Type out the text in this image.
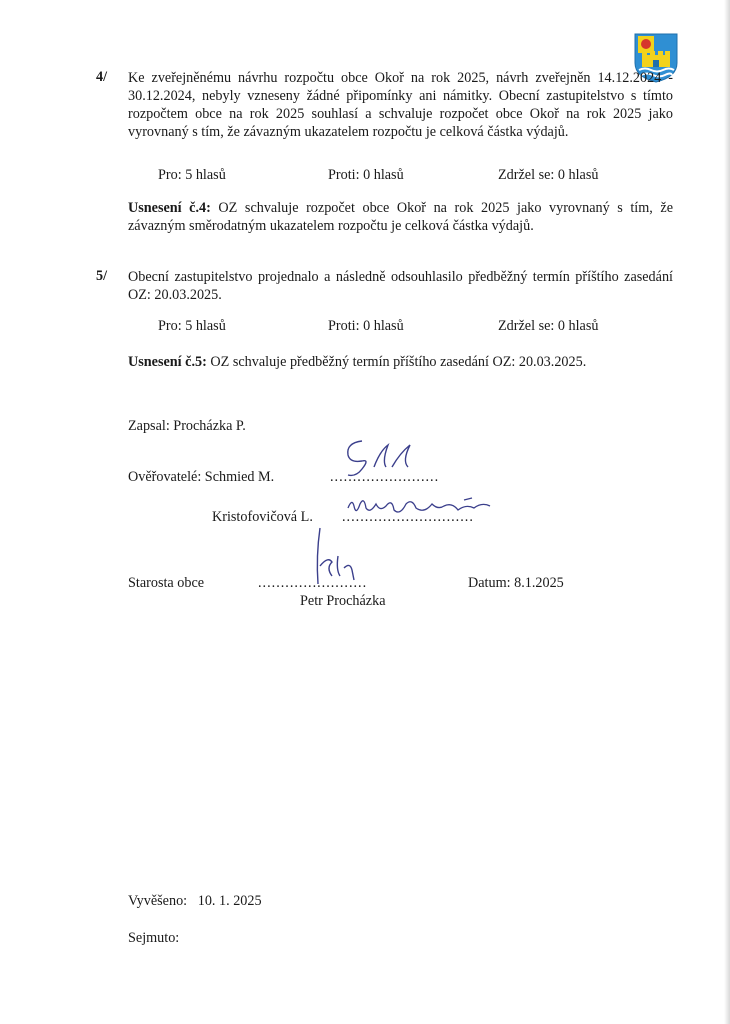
4/ Ke zveřejněnému návrhu rozpočtu obce Okoř na rok 2025, návrh zveřejněn 14.12.2024 - 30.12.2024, nebyly vzneseny žádné připomínky ani námitky. Obecní zastupitelstvo s tímto rozpočtem obce na rok 2025 souhlasí a schvaluje rozpočet obce Okoř na rok 2025 jako vyrovnaný s tím, že závazným ukazatelem rozpočtu je celková částka výdajů.
Pro: 5 hlasů	Proti: 0 hlasů	Zdržel se: 0 hlasů
Usnesení č.4: OZ schvaluje rozpočet obce Okoř na rok 2025 jako vyrovnaný s tím, že závazným směrodatným ukazatelem rozpočtu je celková částka výdajů.
5/ Obecní zastupitelstvo projednalo a následně odsouhlasilo předběžný termín příštího zasedání OZ: 20.03.2025.
Pro: 5 hlasů	Proti: 0 hlasů	Zdržel se: 0 hlasů
Usnesení č.5: OZ schvaluje předběžný termín příštího zasedání OZ: 20.03.2025.
Zapsal: Procházka P.
Ověřovatelé: Schmied M.	........................
Kristofovičová L. .............................
Starosta obce	........................
Petr Procházka
Datum: 8.1.2025
Vyvěšeno:   10. 1. 2025
Sejmuto:
